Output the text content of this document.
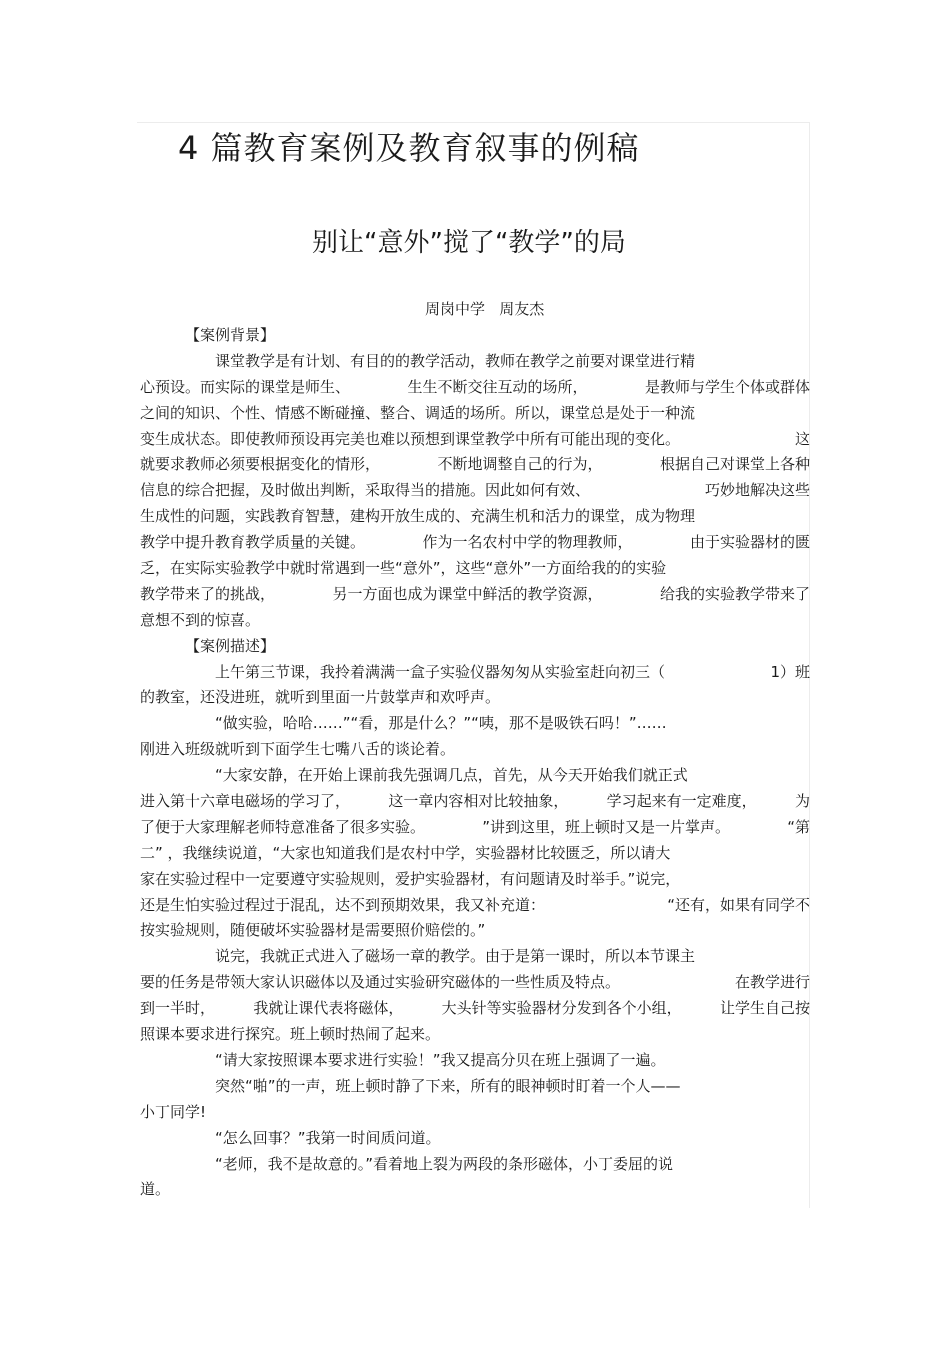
4 篇教育案例及教育叙事的例稿
别让“意外”搅了“教学”的局
周岗中学   周友杰
【案例背景】
课堂教学是有计划、有目的的教学活动，教师在教学之前要对课堂进行精
心预设。而实际的课堂是师生、	生生不断交往互动的场所，	是教师与学生个体或群体
之间的知识、个性、情感不断碰撞、整合、调适的场所。所以，课堂总是处于一种流
变生成状态。即使教师预设再完美也难以预想到课堂教学中所有可能出现的变化。	这
就要求教师必须要根据变化的情形，	不断地调整自己的行为，	根据自己对课堂上各种
信息的综合把握，及时做出判断，采取得当的措施。因此如何有效、	巧妙地解决这些
生成性的问题，实践教育智慧，建构开放生成的、充满生机和活力的课堂，成为物理
教学中提升教育教学质量的关键。	作为一名农村中学的物理教师，	由于实验器材的匮
乏，在实际实验教学中就时常遇到一些“意外”，这些“意外”一方面给我的的实验
教学带来了的挑战，	另一方面也成为课堂中鲜活的教学资源，	给我的实验教学带来了
意想不到的惊喜。
【案例描述】
上午第三节课，我拎着满满一盒子实验仪器匆匆从实验室赶向初三（	1）班
的教室，还没进班，就听到里面一片鼓掌声和欢呼声。
“做实验，哈哈……”“看，那是什么？”“咦，那不是吸铁石吗！”……
刚进入班级就听到下面学生七嘴八舌的谈论着。
“大家安静，在开始上课前我先强调几点，首先，从今天开始我们就正式
进入第十六章电磁场的学习了，	这一章内容相对比较抽象，	学习起来有一定难度，	为
了便于大家理解老师特意准备了很多实验。	”讲到这里，班上顿时又是一片掌声。	“第
二” ，我继续说道，“大家也知道我们是农村中学，实验器材比较匮乏，所以请大
家在实验过程中一定要遵守实验规则，爱护实验器材，有问题请及时举手。”说完，
还是生怕实验过程过于混乱，达不到预期效果，我又补充道：	“还有，如果有同学不
按实验规则，随便破坏实验器材是需要照价赔偿的。”
说完，我就正式进入了磁场一章的教学。由于是第一课时，所以本节课主
要的任务是带领大家认识磁体以及通过实验研究磁体的一些性质及特点。	在教学进行
到一半时，	我就让课代表将磁体，	大头针等实验器材分发到各个小组，	让学生自己按
照课本要求进行探究。班上顿时热闹了起来。
“请大家按照课本要求进行实验！”我又提高分贝在班上强调了一遍。
突然“啪”的一声，班上顿时静了下来，所有的眼神顿时盯着一个人——
小丁同学!
“怎么回事？”我第一时间质问道。
“老师，我不是故意的。”看着地上裂为两段的条形磁体，小丁委屈的说
道。
